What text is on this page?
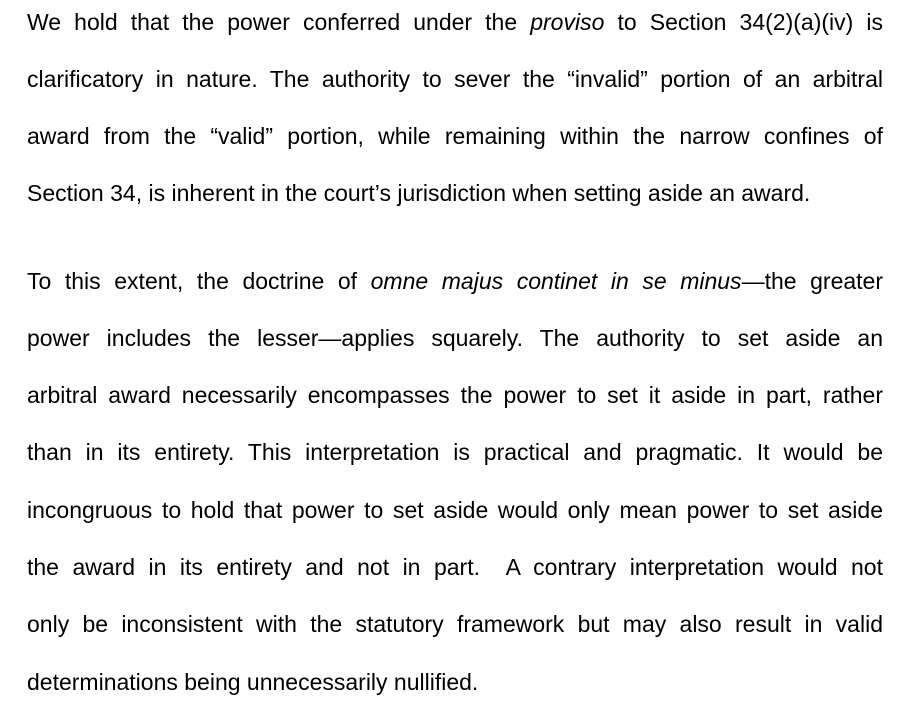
We hold that the power conferred under the proviso to Section 34(2)(a)(iv) is
clarificatory in nature. The authority to sever the “invalid” portion of an arbitral
award from the “valid” portion, while remaining within the narrow confines of
Section 34, is inherent in the court’s jurisdiction when setting aside an award.
To this extent, the doctrine of omne majus continet in se minus—the greater
power includes the lesser—applies squarely. The authority to set aside an
arbitral award necessarily encompasses the power to set it aside in part, rather
than in its entirety. This interpretation is practical and pragmatic. It would be
incongruous to hold that power to set aside would only mean power to set aside
the award in its entirety and not in part.  A contrary interpretation would not
only be inconsistent with the statutory framework but may also result in valid
determinations being unnecessarily nullified.
